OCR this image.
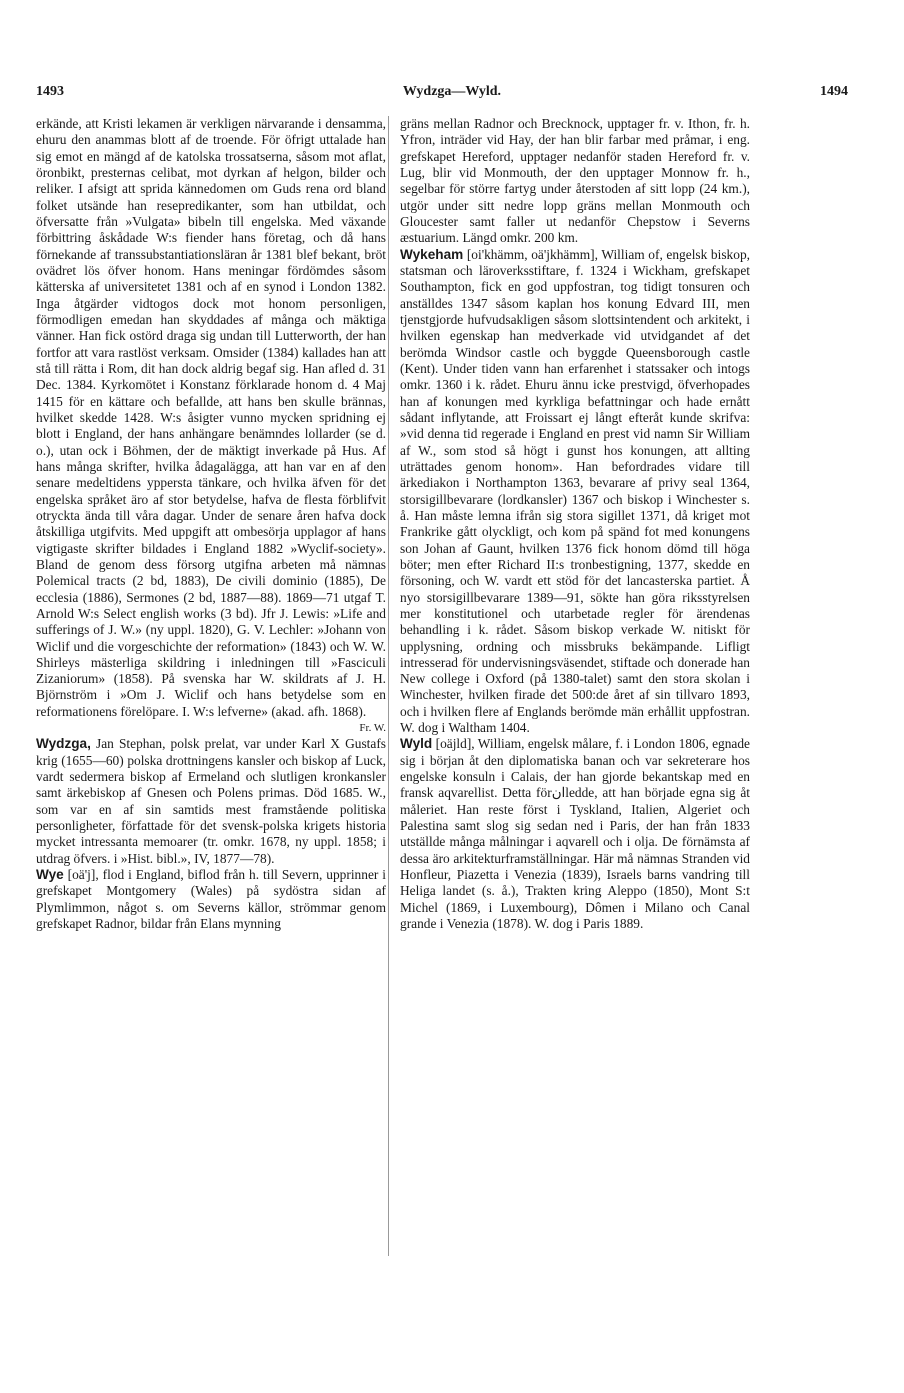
1493	Wydzga—Wyld.	1494

erkände, att Kristi lekamen är verkligen närvarande i densamma, ehuru den anammas blott af de troende. För öfrigt uttalade han sig emot en mängd af de katolska trossatserna, såsom mot aflat, öronbikt, presternas celibat, mot dyrkan af helgon, bilder och reliker. I afsigt att sprida kännedomen om Guds rena ord bland folket utsände han resepredikanter, som han utbildat, och öfversatte från »Vulgata» bibeln till engelska. Med växande förbittring åskådade W:s fiender hans företag, och då hans förnekande af transsubstantiationsläran år 1381 blef bekant, bröt ovädret lös öfver honom. Hans meningar fördömdes såsom kätterska af universitetet 1381 och af en synod i London 1382. Inga åtgärder vidtogos dock mot honom personligen, förmodligen emedan han skyddades af många och mäktiga vänner. Han fick ostörd draga sig undan till Lutterworth, der han fortfor att vara rastlöst verksam. Omsider (1384) kallades han att stå till rätta i Rom, dit han dock aldrig begaf sig. Han afled d. 31 Dec. 1384. Kyrkomötet i Konstanz förklarade honom d. 4 Maj 1415 för en kättare och befallde, att hans ben skulle brännas, hvilket skedde 1428. W:s åsigter vunno mycken spridning ej blott i England, der hans anhängare benämndes lollarder (se d. o.), utan ock i Böhmen, der de mäktigt inverkade på Hus. Af hans många skrifter, hvilka ådagalägga, att han var en af den senare medeltidens yppersta tänkare, och hvilka äfven för det engelska språket äro af stor betydelse, hafva de flesta förblifvit otryckta ända till våra dagar. Under de senare åren hafva dock åtskilliga utgifvits. Med uppgift att ombesörja upplagor af hans vigtigaste skrifter bildades i England 1882 »Wyclif-society». Bland de genom dess försorg utgifna arbeten må nämnas Polemical tracts (2 bd, 1883), De civili dominio (1885), De ecclesia (1886), Sermones (2 bd, 1887—88). 1869—71 utgaf T. Arnold W:s Select english works (3 bd). Jfr J. Lewis: »Life and sufferings of J. W.» (ny uppl. 1820), G. V. Lechler: »Johann von Wiclif und die vorgeschichte der reformation» (1843) och W. W. Shirleys mästerliga skildring i inledningen till »Fasciculi Zizaniorum» (1858). På svenska har W. skildrats af J. H. Björnström i »Om J. Wiclif och hans betydelse som en reformationens förelöpare. I. W:s lefverne» (akad. afh. 1868).
Fr. W.

Wydzga, Jan Stephan, polsk prelat, var under Karl X Gustafs krig (1655—60) polska drottningens kansler och biskop af Luck, vardt sedermera biskop af Ermeland och slutligen kronkansler samt ärkebiskop af Gnesen och Polens primas. Död 1685. W., som var en af sin samtids mest framstående politiska personligheter, författade för det svensk-polska krigets historia mycket intressanta memoarer (tr. omkr. 1678, ny uppl. 1858; i utdrag öfvers. i »Hist. bibl.», IV, 1877—78).

Wye [oä'j], flod i England, biflod från h. till Severn, upprinner i grefskapet Montgomery (Wales) på sydöstra sidan af Plymlimmon, något s. om Severns källor, strömmar genom grefskapet Radnor, bildar från Elans mynning

gräns mellan Radnor och Brecknock, upptager fr. v. Ithon, fr. h. Yfron, inträder vid Hay, der han blir farbar med pråmar, i eng. grefskapet Hereford, upptager nedanför staden Hereford fr. v. Lug, blir vid Monmouth, der den upptager Monnow fr. h., segelbar för större fartyg under återstoden af sitt lopp (24 km.), utgör under sitt nedre lopp gräns mellan Monmouth och Gloucester samt faller ut nedanför Chepstow i Severns æstuarium. Längd omkr. 200 km.

Wykeham [oi'khämm, oä'jkhämm], William of, engelsk biskop, statsman och läroverksstiftare, f. 1324 i Wickham, grefskapet Southampton, fick en god uppfostran, tog tidigt tonsuren och anställdes 1347 såsom kaplan hos konung Edvard III, men tjenstgjorde hufvudsakligen såsom slottsintendent och arkitekt, i hvilken egenskap han medverkade vid utvidgandet af det berömda Windsor castle och byggde Queensborough castle (Kent). Under tiden vann han erfarenhet i statssaker och intogs omkr. 1360 i k. rådet. Ehuru ännu icke prestvigd, öfverhopades han af konungen med kyrkliga befattningar och hade ernått sådant inflytande, att Froissart ej långt efteråt kunde skrifva: »vid denna tid regerade i England en prest vid namn Sir William af W., som stod så högt i gunst hos konungen, att allting uträttades genom honom». Han befordrades vidare till ärkediakon i Northampton 1363, bevarare af privy seal 1364, storsigillbevarare (lordkansler) 1367 och biskop i Winchester s. å. Han måste lemna ifrån sig stora sigillet 1371, då kriget mot Frankrike gått olyckligt, och kom på spänd fot med konungens son Johan af Gaunt, hvilken 1376 fick honom dömd till höga böter; men efter Richard II:s tronbestigning, 1377, skedde en försoning, och W. vardt ett stöd för det lancasterska partiet. Å nyo storsigillbevarare 1389—91, sökte han göra riksstyrelsen mer konstitutionel och utarbetade regler för ärendenas behandling i k. rådet. Såsom biskop verkade W. nitiskt för upplysning, ordning och missbruks bekämpande. Lifligt intresserad för undervisningsväsendet, stiftade och donerade han New college i Oxford (på 1380-talet) samt den stora skolan i Winchester, hvilken firade det 500:de året af sin tillvaro 1893, och i hvilken flere af Englands berömde män erhållit uppfostran. W. dog i Waltham 1404.

Wyld [oäjld], William, engelsk målare, f. i London 1806, egnade sig i början åt den diplomatiska banan och var sekreterare hos engelske konsuln i Calais, der han gjorde bekantskap med en fransk aqvarellist. Detta förانledde, att han började egna sig åt måleriet. Han reste först i Tyskland, Italien, Algeriet och Palestina samt slog sig sedan ned i Paris, der han från 1833 utställde många målningar i aqvarell och i olja. De förnämsta af dessa äro arkitekturframställningar. Här må nämnas Stranden vid Honfleur, Piazetta i Venezia (1839), Israels barns vandring till Heliga landet (s. å.), Trakten kring Aleppo (1850), Mont S:t Michel (1869, i Luxembourg), Dômen i Milano och Canal grande i Venezia (1878). W. dog i Paris 1889.
